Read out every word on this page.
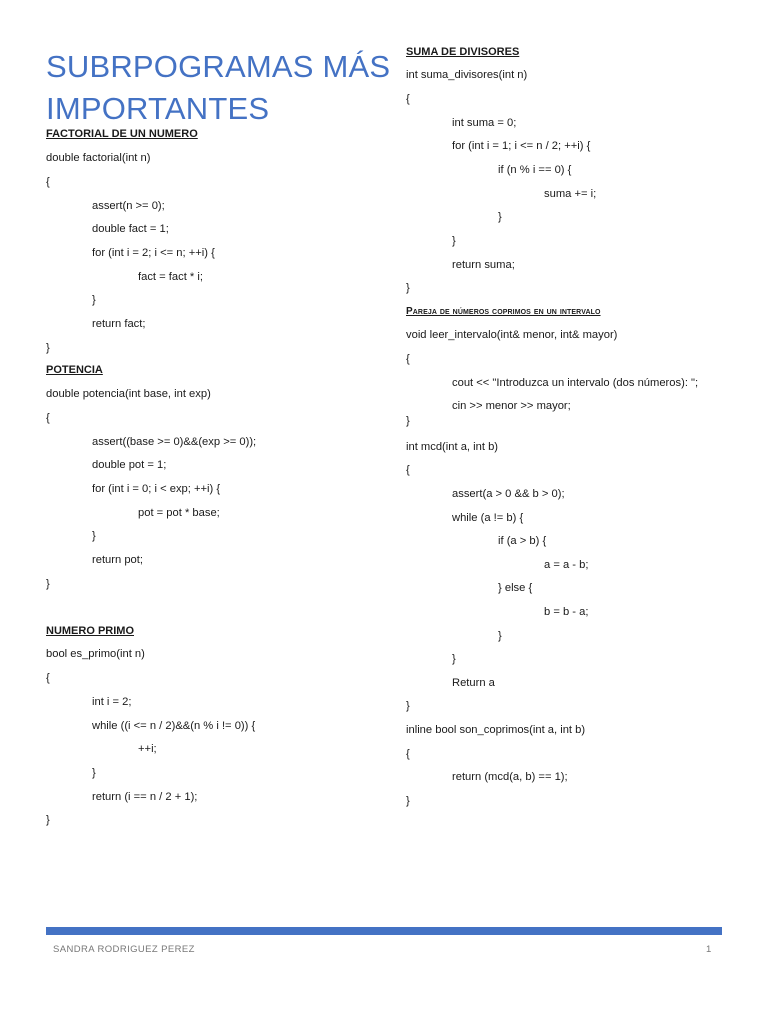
SUBRPOGRAMAS MÁS
IMPORTANTES
FACTORIAL DE UN NUMERO
double factorial(int n)
{
assert(n >= 0);
double fact = 1;
for (int i = 2; i <= n; ++i) {
fact = fact * i;
}
return fact;
}
POTENCIA
double potencia(int base, int exp)
{
assert((base >= 0)&&(exp >= 0));
double pot = 1;
for (int i = 0; i < exp; ++i) {
pot = pot * base;
}
return pot;
}
NUMERO PRIMO
bool es_primo(int n)
{
int i = 2;
while ((i <= n / 2)&&(n % i != 0)) {
++i;
}
return (i == n / 2 + 1);
}
SUMA DE DIVISORES
int suma_divisores(int n)
{
int suma = 0;
for (int i = 1; i <= n / 2; ++i) {
if (n % i == 0) {
suma += i;
}
}
return suma;
}
Pareja de números coprimos en un intervalo
void leer_intervalo(int& menor, int& mayor)
{
cout << "Introduzca un intervalo (dos números): ";
cin >> menor >> mayor;
}
int mcd(int a, int b)
{
assert(a > 0 && b > 0);
while (a != b) {
if (a > b) {
a = a - b;
} else {
b = b - a;
}
}
Return a
}
inline bool son_coprimos(int a, int b)
{
return (mcd(a, b) == 1);
}
SANDRA RODRIGUEZ PEREZ	1
